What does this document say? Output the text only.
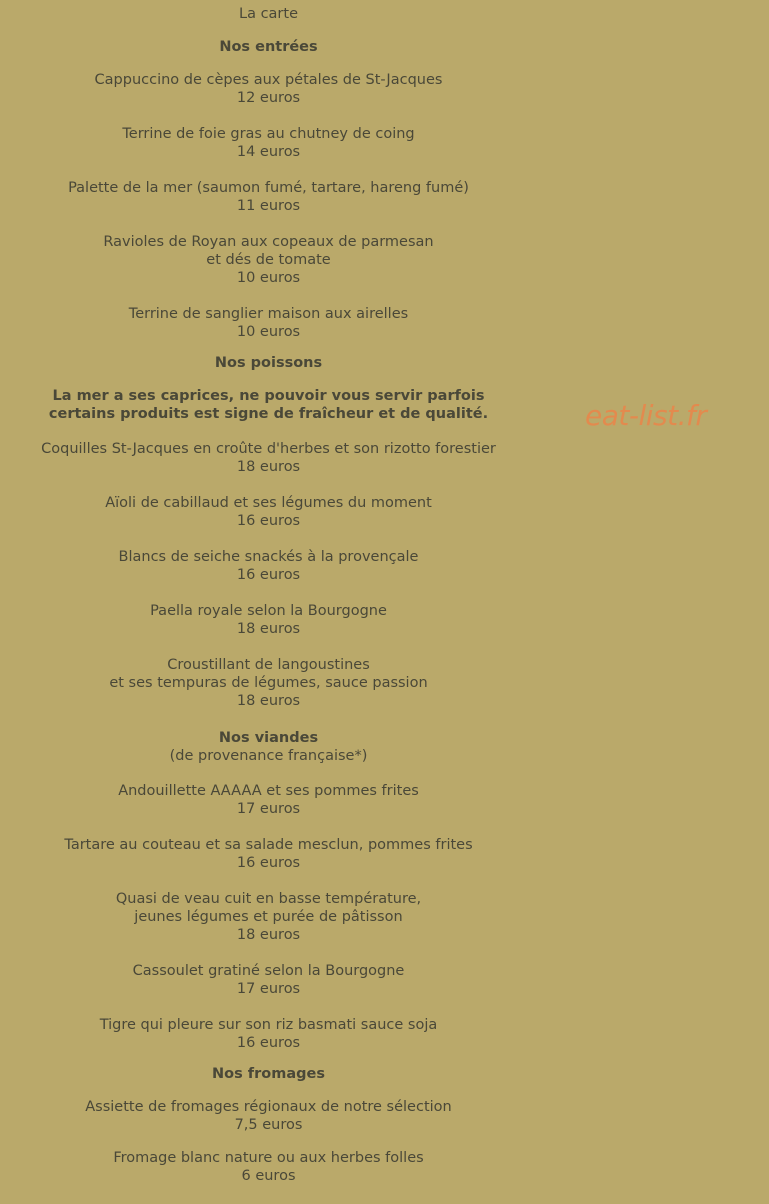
La carte
Nos entrées
Cappuccino de cèpes aux pétales de St-Jacques
12 euros
Terrine de foie gras au chutney de coing
14 euros
Palette de la mer (saumon fumé, tartare, hareng fumé)
11 euros
Ravioles de Royan aux copeaux de parmesan
et dés de tomate
10 euros
Terrine de sanglier maison aux airelles
10 euros
Nos poissons
La mer a ses caprices, ne pouvoir vous servir parfois
certains produits est signe de fraîcheur et de qualité.
Coquilles St-Jacques en croûte d'herbes et son rizotto forestier
18 euros
Aïoli de cabillaud et ses légumes du moment
16 euros
Blancs de seiche snackés à la provençale
16 euros
Paella royale selon la Bourgogne
18 euros
Croustillant de langoustines
et ses tempuras de légumes, sauce passion
18 euros
Nos viandes
(de provenance française*)
Andouillette AAAAA et ses pommes frites
17 euros
Tartare au couteau et sa salade mesclun, pommes frites
16 euros
Quasi de veau cuit en basse température,
jeunes légumes et purée de pâtisson
18 euros
Cassoulet gratiné selon la Bourgogne
17 euros
Tigre qui pleure sur son riz basmati sauce soja
16 euros
Nos fromages
Assiette de fromages régionaux de notre sélection
7,5 euros
Fromage blanc nature ou aux herbes folles
6 euros
eat-list.fr
